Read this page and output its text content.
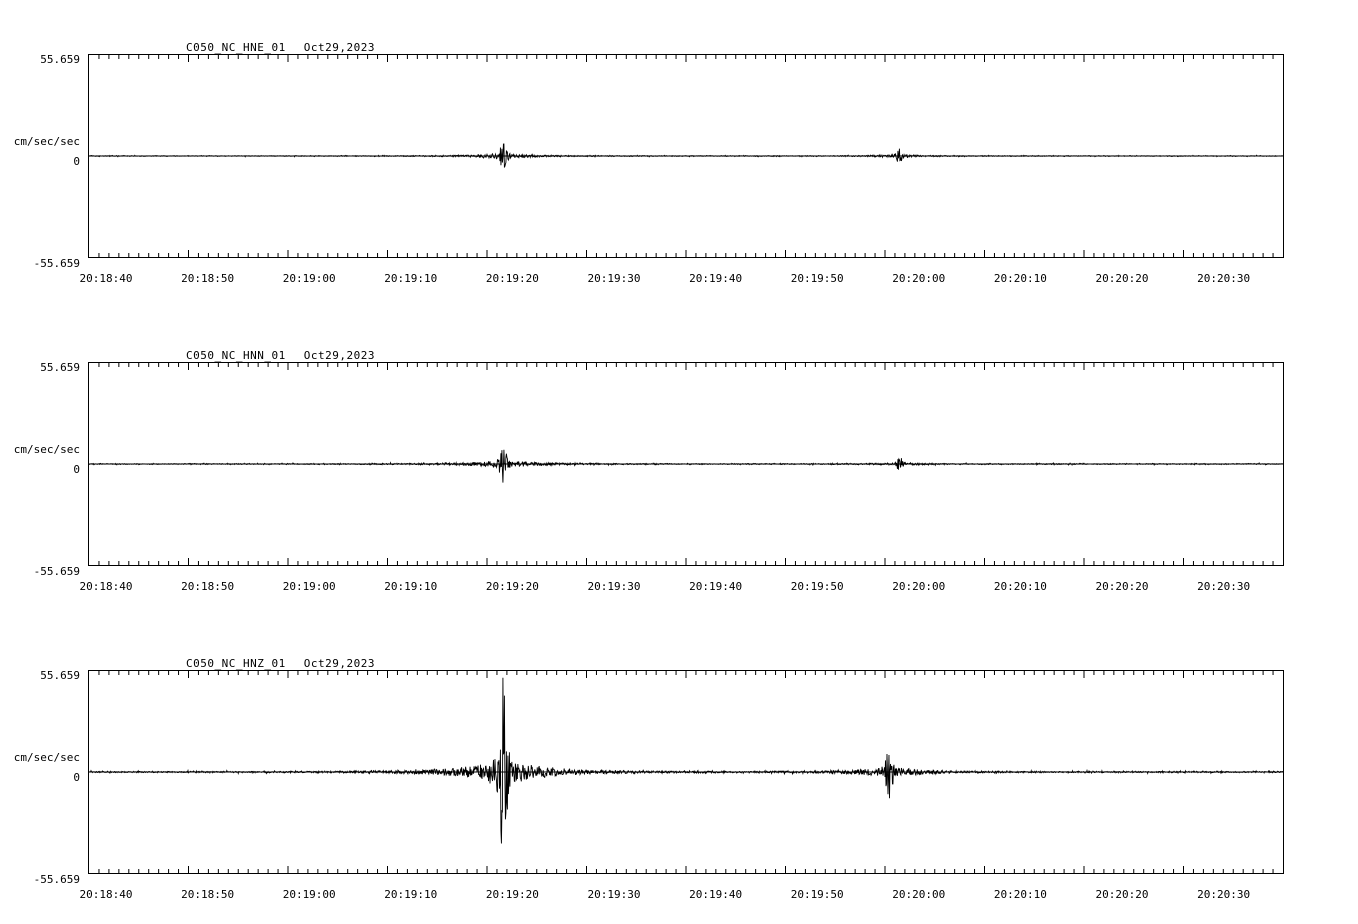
C050_NC_HNE_01 Oct29,2023
55.659
cm/sec/sec
0
-55.659
20:18:40	20:18:50	20:19:00	20:19:10	20:19:20	20:19:30	20:19:40	20:19:50	20:20:00	20:20:10	20:20:20	20:20:30
C050_NC_HNN_01 Oct29,2023
55.659
cm/sec/sec
0
-55.659
20:18:40	20:18:50	20:19:00	20:19:10	20:19:20	20:19:30	20:19:40	20:19:50	20:20:00	20:20:10	20:20:20	20:20:30
C050_NC_HNZ_01 Oct29,2023
55.659
cm/sec/sec
0
-55.659
20:18:40	20:18:50	20:19:00	20:19:10	20:19:20	20:19:30	20:19:40	20:19:50	20:20:00	20:20:10	20:20:20	20:20:30
